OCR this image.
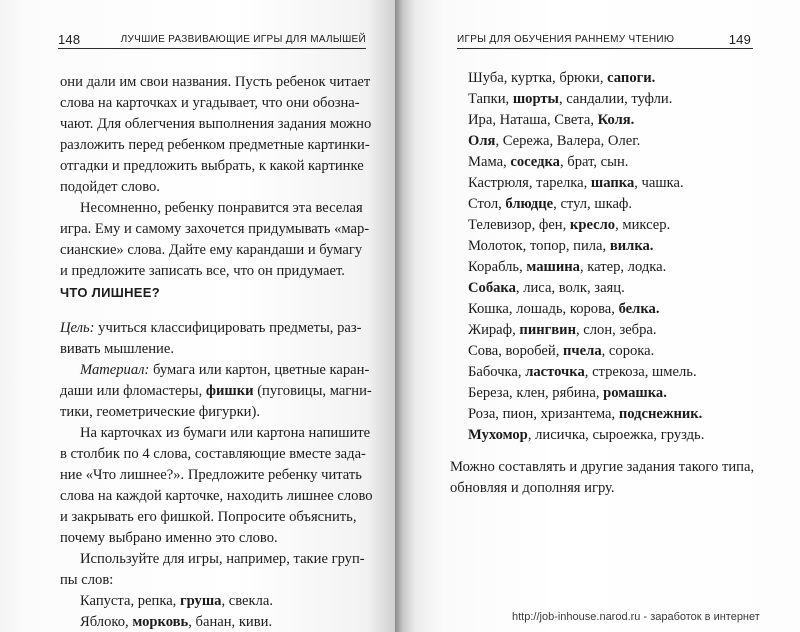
148	ЛУЧШИЕ РАЗВИВАЮЩИЕ ИГРЫ ДЛЯ МАЛЫШЕЙ
они дали им свои названия. Пусть ребенок читает
слова на карточках и угадывает, что они обозна-
чают. Для облегчения выполнения задания можно
разложить перед ребенком предметные картинки-
отгадки и предложить выбрать, к какой картинке
подойдет слово.
Несомненно, ребенку понравится эта веселая
игра. Ему и самому захочется придумывать «мар-
сианские» слова. Дайте ему карандаши и бумагу
и предложите записать все, что он придумает.
ЧТО ЛИШНЕЕ?
Цель: учиться классифицировать предметы, раз-
вивать мышление.
Материал: бумага или картон, цветные каран-
даши или фломастеры, фишки (пуговицы, магни-
тики, геометрические фигурки).
На карточках из бумаги или картона напишите
в столбик по 4 слова, составляющие вместе зада-
ние «Что лишнее?». Предложите ребенку читать
слова на каждой карточке, находить лишнее слово
и закрывать его фишкой. Попросите объяснить,
почему выбрано именно это слово.
Используйте для игры, например, такие груп-
пы слов:
Капуста, репка, груша, свекла.
Яблоко, морковь, банан, киви.
ИГРЫ ДЛЯ ОБУЧЕНИЯ РАННЕМУ ЧТЕНИЮ	149
Шуба, куртка, брюки, сапоги.
Тапки, шорты, сандалии, туфли.
Ира, Наташа, Света, Коля.
Оля, Сережа, Валера, Олег.
Мама, соседка, брат, сын.
Кастрюля, тарелка, шапка, чашка.
Стол, блюдце, стул, шкаф.
Телевизор, фен, кресло, миксер.
Молоток, топор, пила, вилка.
Корабль, машина, катер, лодка.
Собака, лиса, волк, заяц.
Кошка, лошадь, корова, белка.
Жираф, пингвин, слон, зебра.
Сова, воробей, пчела, сорока.
Бабочка, ласточка, стрекоза, шмель.
Береза, клен, рябина, ромашка.
Роза, пион, хризантема, подснежник.
Мухомор, лисичка, сыроежка, груздь.
Можно составлять и другие задания такого типа,
обновляя и дополняя игру.
http://job-inhouse.narod.ru - заработок в интернет
